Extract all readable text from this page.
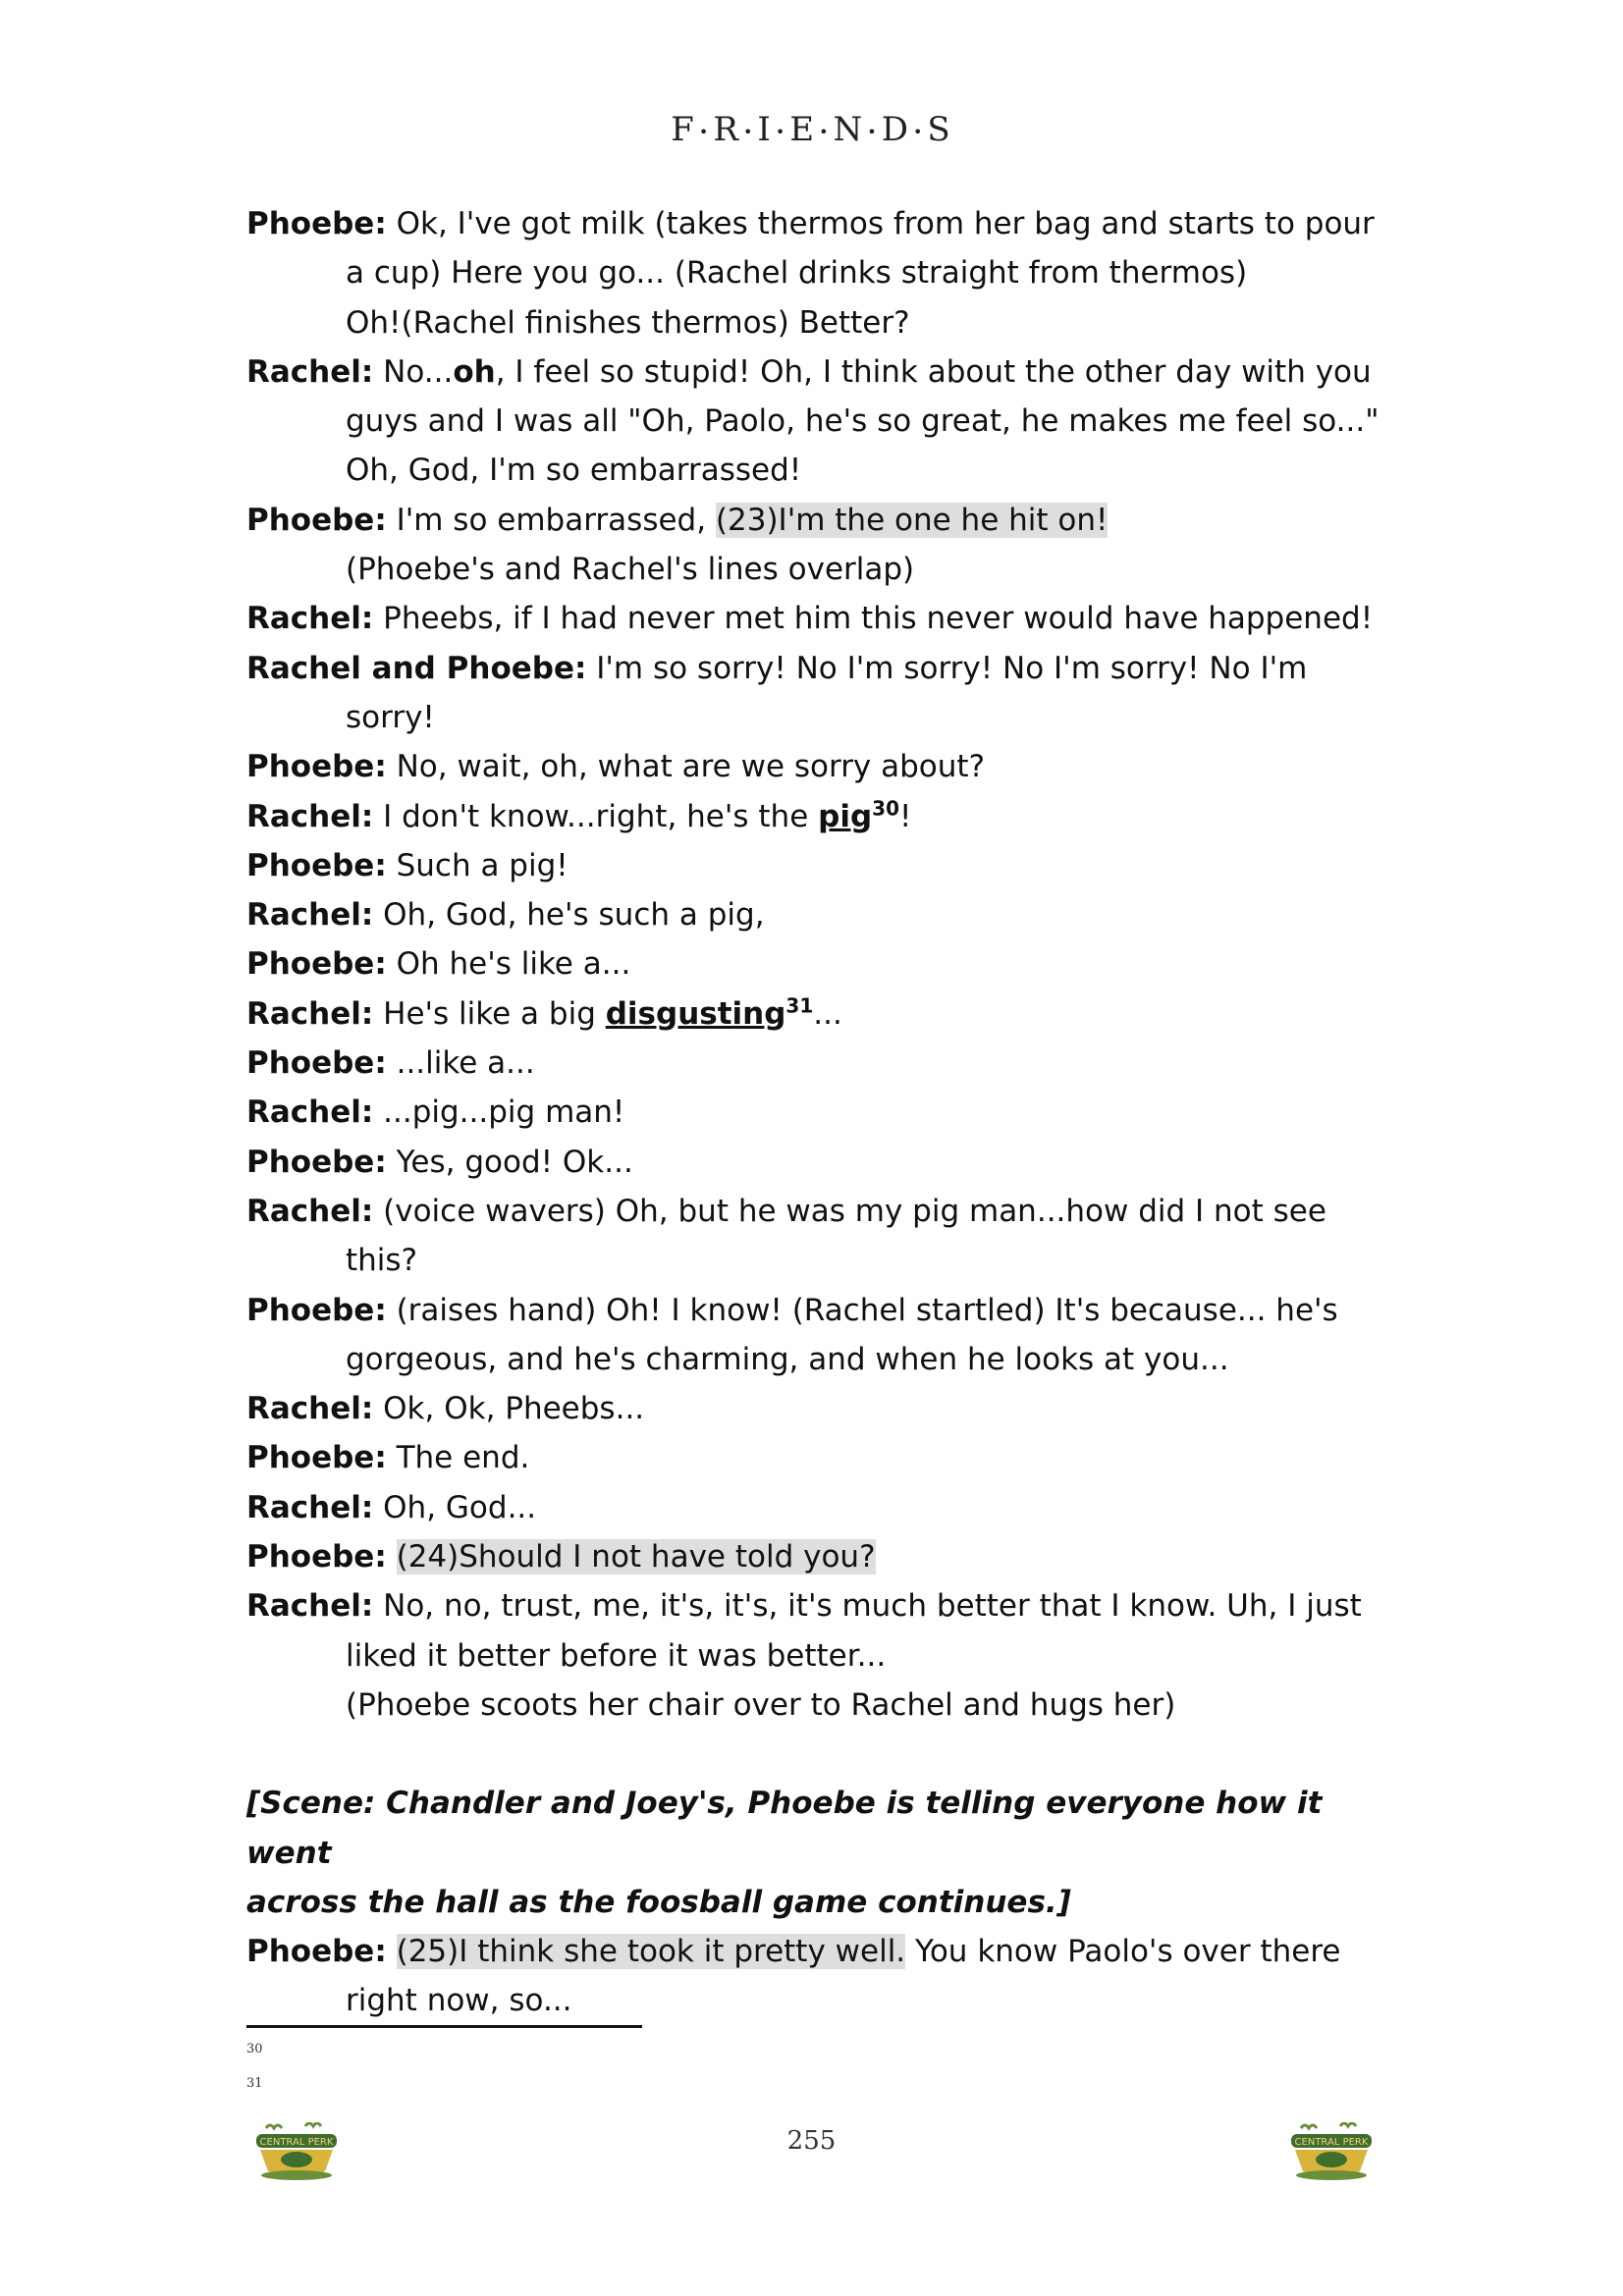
F •R •I •E •N •D •S

Phoebe: Ok, I've got milk (takes thermos from her bag and starts to pour

a cup) Here you go... (Rachel drinks straight from thermos)

Oh!(Rachel finishes thermos) Better?

Rachel: No...oh, I feel so stupid! Oh, I think about the other day with you

guys and I was all "Oh, Paolo, he's so great, he makes me feel so..."

Oh, God, I'm so embarrassed!

Phoebe: I'm so embarrassed, (23)I'm the one he hit on!

(Phoebe's and Rachel's lines overlap)

Rachel: Pheebs, if I had never met him this never would have happened!

Rachel and Phoebe: I'm so sorry! No I'm sorry! No I'm sorry! No I'm

sorry!

Phoebe: No, wait, oh, what are we sorry about?

Rachel: I don't know...right, he's the pig$^{30}$!

Phoebe: Such a pig!

Rachel: Oh, God, he's such a pig,

Phoebe: Oh he's like a...

Rachel: He's like a big disgusting$^{31}$...

Phoebe: ...like a...

Rachel: ...pig...pig man!

Phoebe: Yes, good! Ok...

Rachel: (voice wavers) Oh, but he was my pig man...how did I not see this?

Phoebe: (raises hand) Oh! I know! (Rachel startled) It's because... he's

gorgeous, and he's charming, and when he looks at you...

Rachel: Ok, Ok, Pheebs...

Phoebe: The end.

Rachel: Oh, God...

Phoebe: (24)Should I not have told you?

Rachel: No, no, trust, me, it's, it's, it's much better that I know. Uh, I just

liked it better before it was better...

(Phoebe scoots her chair over to Rachel and hugs her)

[Scene: Chandler and Joey's, Phoebe is telling everyone how it went

across the hall as the foosball game continues.]

Phoebe: (25)I think she took it pretty well. You know Paolo's over there

right now, so...

30
31
CENTRAL PERK	CENTRAL PERK
255
